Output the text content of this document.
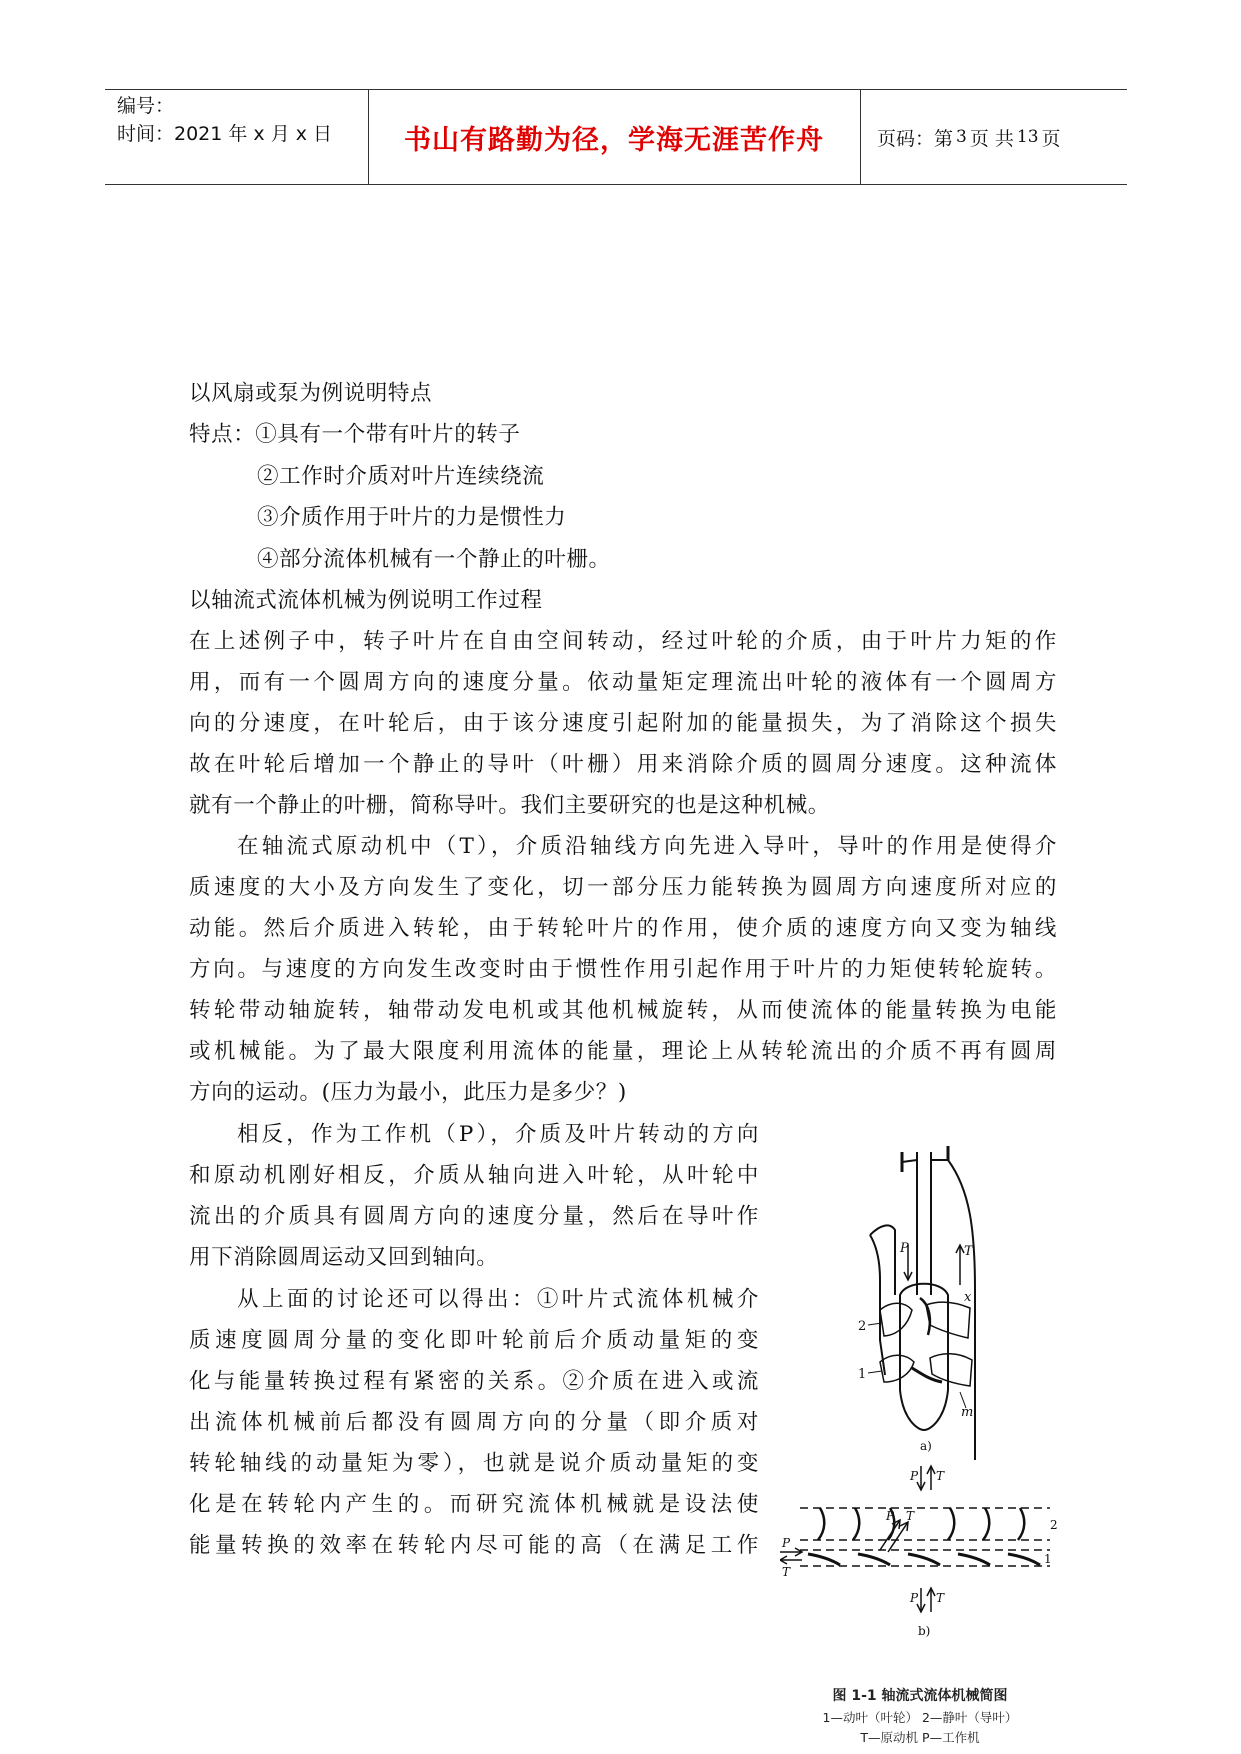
编号：
时间：2021 年 x 月 x 日	书山有路勤为径，学海无涯苦作舟	页码：第 3 页 共 13 页
以风扇或泵为例说明特点
特点：①具有一个带有叶片的转子
②工作时介质对叶片连续绕流
③介质作用于叶片的力是惯性力
④部分流体机械有一个静止的叶栅。
以轴流式流体机械为例说明工作过程
在上述例子中，转子叶片在自由空间转动，经过叶轮的介质，由于叶片力矩的作
用，而有一个圆周方向的速度分量。依动量矩定理流出叶轮的液体有一个圆周方
向的分速度，在叶轮后，由于该分速度引起附加的能量损失，为了消除这个损失
故在叶轮后增加一个静止的导叶（叶栅）用来消除介质的圆周分速度。这种流体
就有一个静止的叶栅，简称导叶。我们主要研究的也是这种机械。
在轴流式原动机中（T），介质沿轴线方向先进入导叶，导叶的作用是使得介
质速度的大小及方向发生了变化，切一部分压力能转换为圆周方向速度所对应的
动能。然后介质进入转轮，由于转轮叶片的作用，使介质的速度方向又变为轴线
方向。与速度的方向发生改变时由于惯性作用引起作用于叶片的力矩使转轮旋转。
转轮带动轴旋转，轴带动发电机或其他机械旋转，从而使流体的能量转换为电能
或机械能。为了最大限度利用流体的能量，理论上从转轮流出的介质不再有圆周
方向的运动。(压力为最小，此压力是多少？)
相反，作为工作机（P），介质及叶片转动的方向
和原动机刚好相反，介质从轴向进入叶轮，从叶轮中
流出的介质具有圆周方向的速度分量，然后在导叶作
用下消除圆周运动又回到轴向。
从上面的讨论还可以得出：①叶片式流体机械介
质速度圆周分量的变化即叶轮前后介质动量矩的变
化与能量转换过程有紧密的关系。②介质在进入或流
出流体机械前后都没有圆周方向的分量（即介质对
转轮轴线的动量矩为零），也就是说介质动量矩的变
化是在转轮内产生的。而研究流体机械就是设法使
能量转换的效率在转轮内尽可能的高（在满足工作
P	T
x
2
1
m
a)
P T
P T
2
1
P
T
P T
b)
图 1-1 轴流式流体机械简图
1—动叶（叶轮） 2—静叶（导叶）
T—原动机 P—工作机
